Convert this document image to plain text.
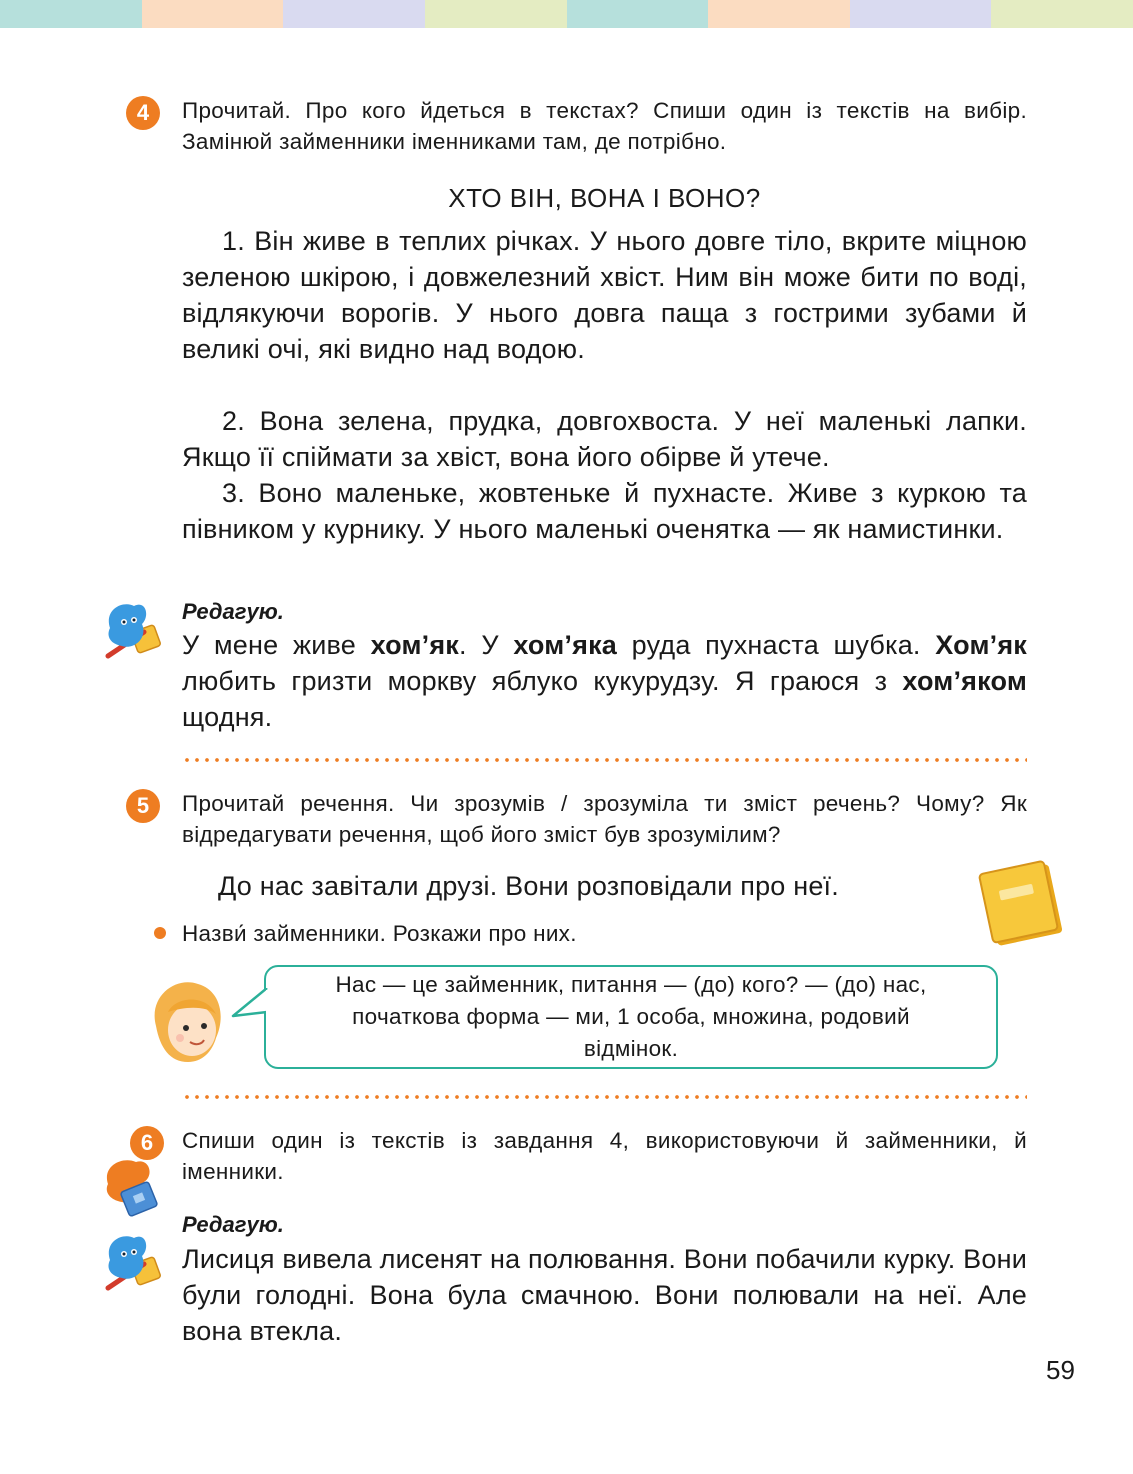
4	Прочитай. Про кого йдеться в текстах? Спиши один із текстів на вибір. Замінюй займенники іменниками там, де потрібно.
ХТО ВІН, ВОНА І ВОНО?
1. Він живе в теплих річках. У нього довге тіло, вкрите міцною зеленою шкірою, і довжелезний хвіст. Ним він може бити по воді, відлякуючи ворогів. У нього довга паща з гострими зубами й великі очі, які видно над водою.
2. Вона зелена, прудка, довгохвоста. У неї маленькі лапки. Якщо її спіймати за хвіст, вона його обірве й утече.
3. Воно маленьке, жовтеньке й пухнасте. Живе з куркою та півником у курнику. У нього маленькі оченятка — як намистинки.
Редагую.
У мене живе хом’як. У хом’яка руда пухнаста шубка. Хом’як любить гризти моркву яблуко кукурудзу. Я граюся з хом’яком щодня.
5	Прочитай речення. Чи зрозумів / зрозуміла ти зміст речень? Чому? Як відредагувати речення, щоб його зміст був зрозумілим?
До нас завітали друзі. Вони розповідали про неї.
Назви́ займенники. Розкажи про них.
Нас — це займенник, питання — (до) кого? — (до) нас, початкова форма — ми, 1 особа, множина, родовий відмінок.
6	Спиши один із текстів із завдання 4, використовуючи й займенники, й іменники.
Редагую.
Лисиця вивела лисенят на полювання. Вони побачили курку. Вони були голодні. Вона була смачною. Вони полювали на неї. Але вона втекла.
59
